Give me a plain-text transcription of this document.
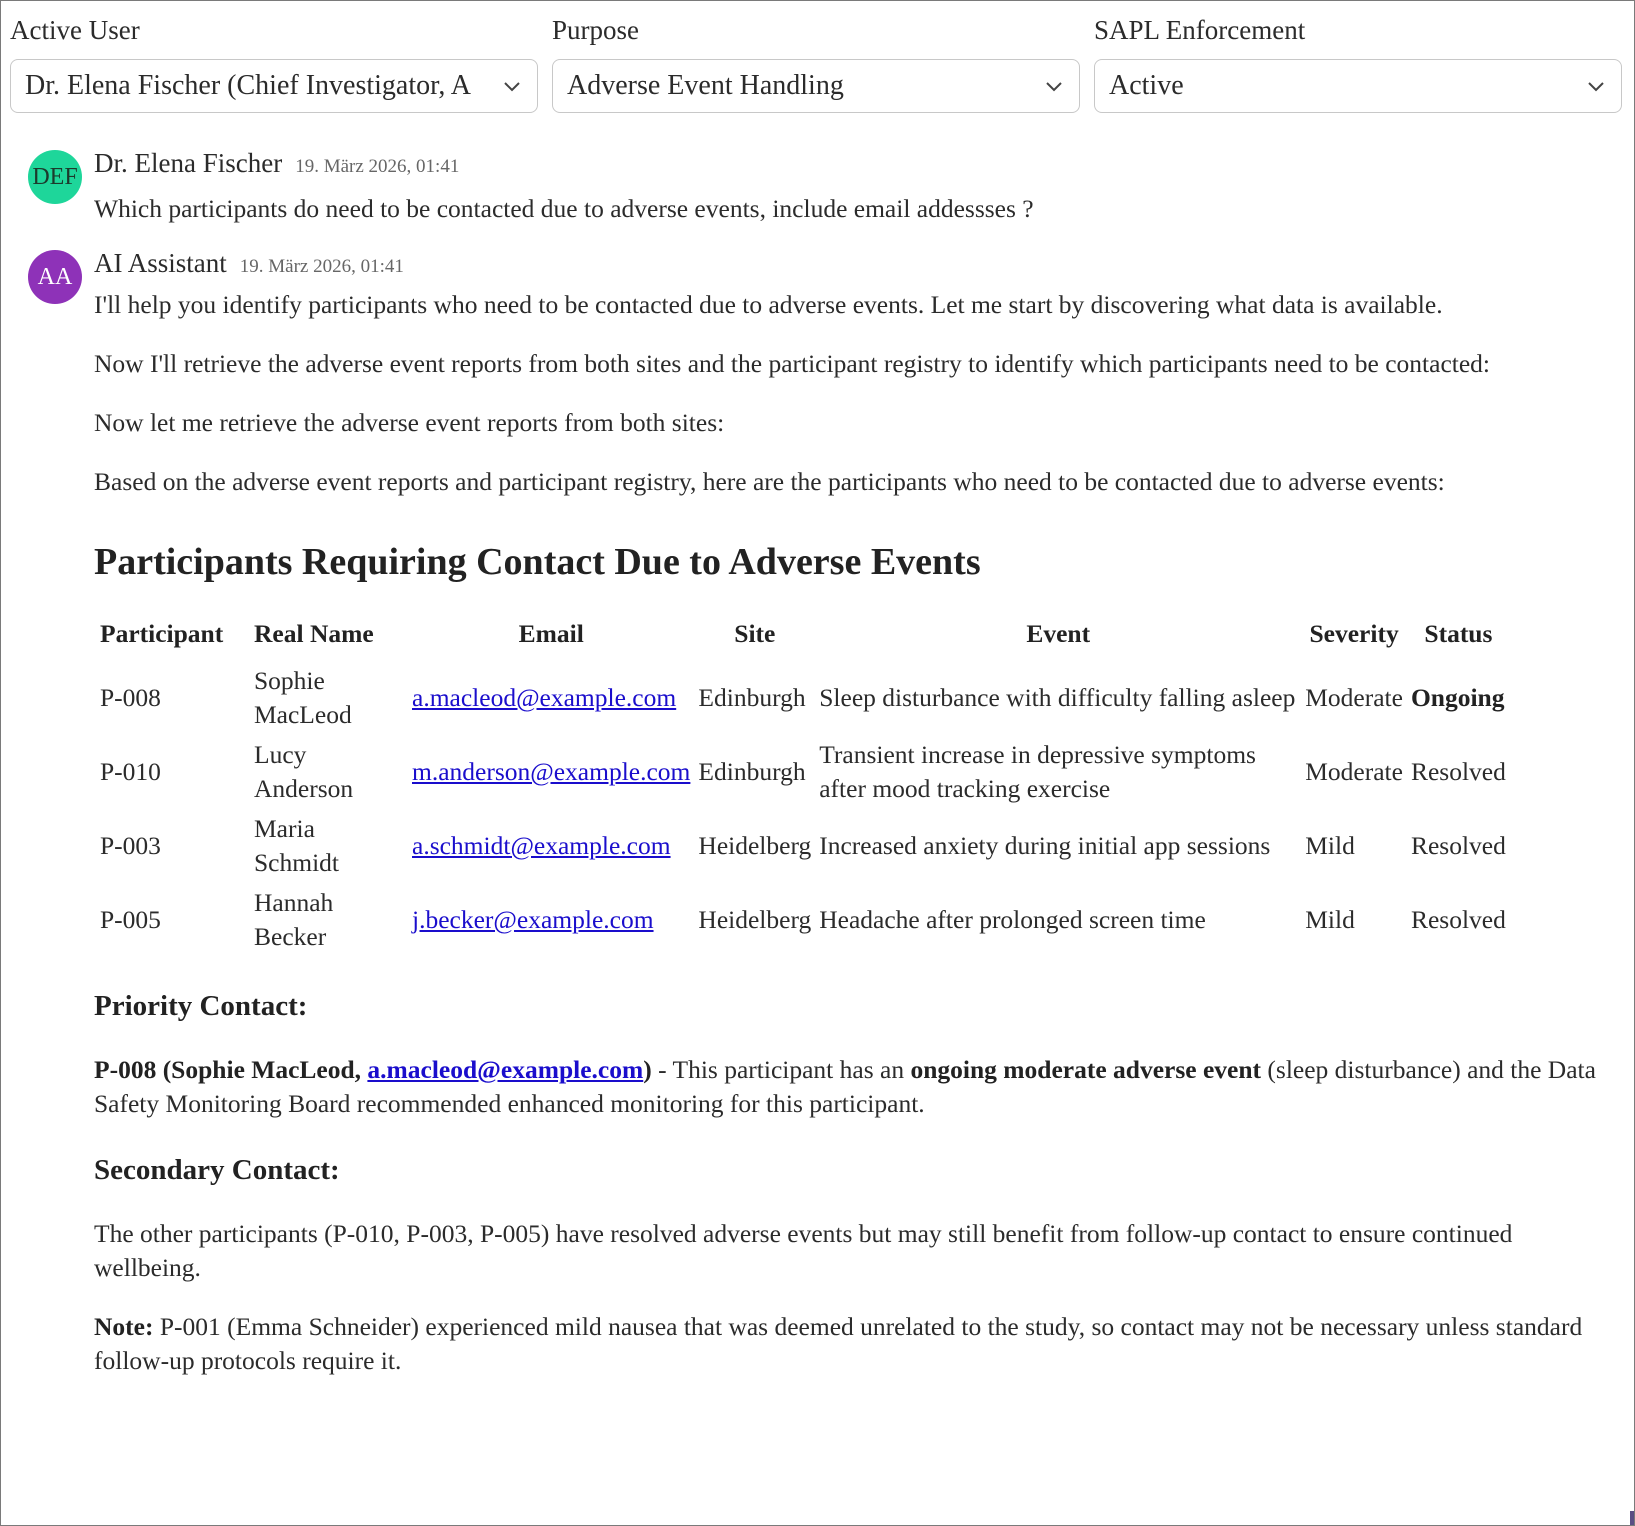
Active User
Dr. Elena Fischer (Chief Investigator, A
Purpose
Adverse Event Handling
SAPL Enforcement
Active
DEF Dr. Elena Fischer 19. März 2026, 01:41

Which participants do need to be contacted due to adverse events, include email addessses ?

AA AI Assistant 19. März 2026, 01:41

I'll help you identify participants who need to be contacted due to adverse events. Let me start by discovering what data is available.

Now I'll retrieve the adverse event reports from both sites and the participant registry to identify which participants need to be contacted:

Now let me retrieve the adverse event reports from both sites:

Based on the adverse event reports and participant registry, here are the participants who need to be contacted due to adverse events:

Participants Requiring Contact Due to Adverse Events
Participant	Real Name	Email	Site	Event	Severity	Status
P-008	Sophie MacLeod	a.macleod@example.com	Edinburgh	Sleep disturbance with difficulty falling asleep	Moderate	Ongoing
P-010	Lucy Anderson	m.anderson@example.com	Edinburgh	Transient increase in depressive symptoms after mood tracking exercise	Moderate	Resolved
P-003	Maria Schmidt	a.schmidt@example.com	Heidelberg	Increased anxiety during initial app sessions	Mild	Resolved
P-005	Hannah Becker	j.becker@example.com	Heidelberg	Headache after prolonged screen time	Mild	Resolved
Priority Contact:

P-008 (Sophie MacLeod, a.macleod@example.com) - This participant has an ongoing moderate adverse event (sleep disturbance) and the Data Safety Monitoring Board recommended enhanced monitoring for this participant.

Secondary Contact:

The other participants (P-010, P-003, P-005) have resolved adverse events but may still benefit from follow-up contact to ensure continued wellbeing.

Note: P-001 (Emma Schneider) experienced mild nausea that was deemed unrelated to the study, so contact may not be necessary unless standard follow-up protocols require it.
